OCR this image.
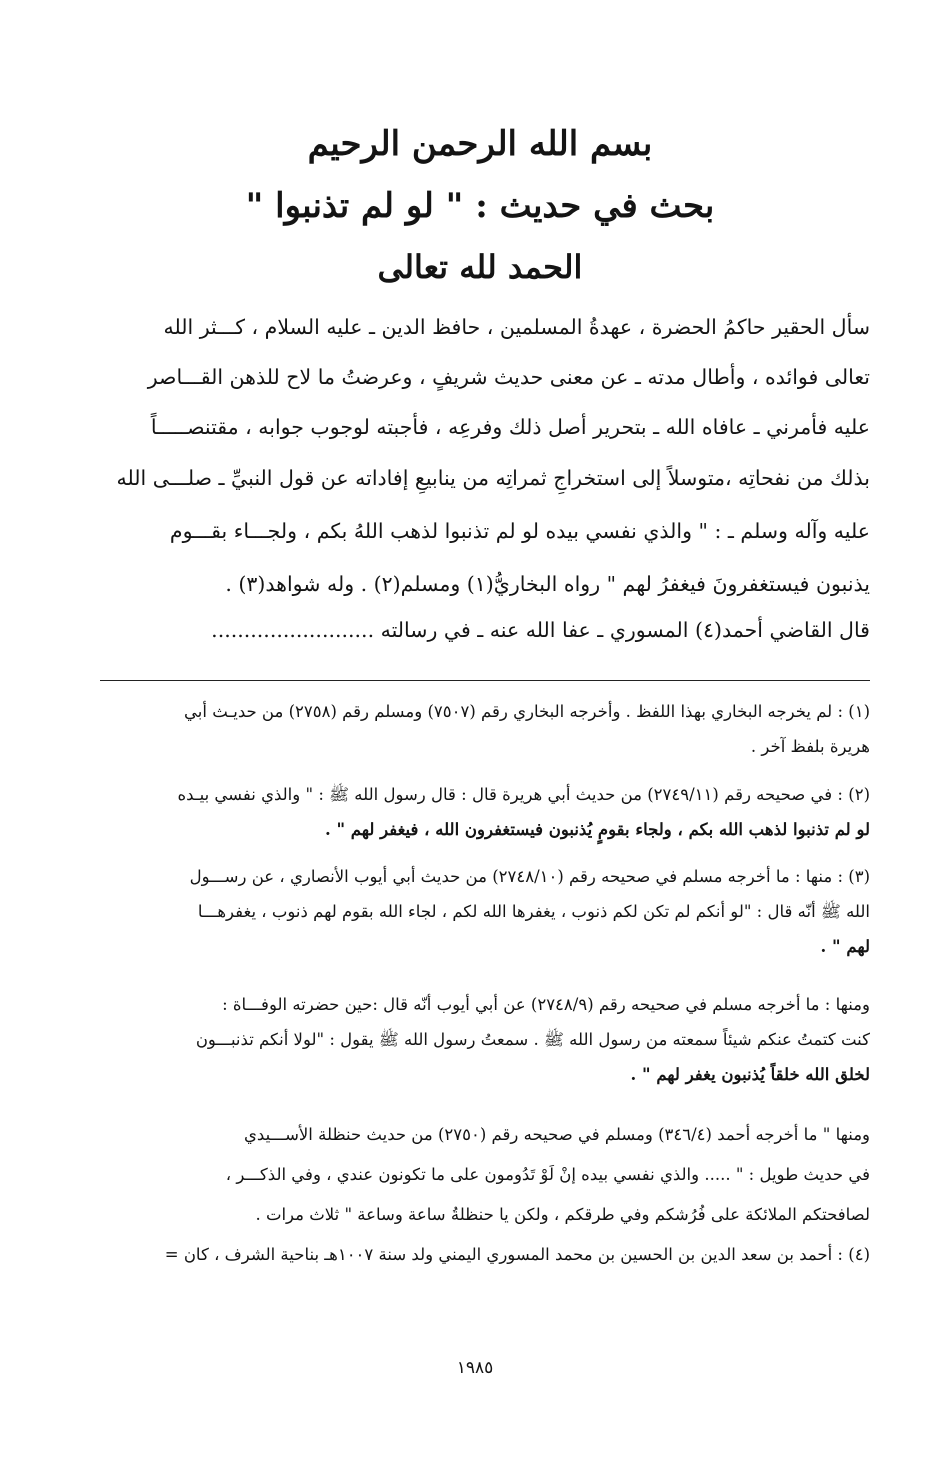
بسم الله الرحمن الرحيم
بحث في حديث : " لو لم تذنبوا "
الحمد لله تعالى
سأل الحقير حاكمُ الحضرة ، عهدةُ المسلمين ، حافظ الدين ـ عليه السلام ، كـــثر الله
تعالى فوائده ، وأطال مدته ـ عن معنى حديث شريفٍ ، وعرضتُ ما لاح للذهن القـــاصر
عليه فأمرني ـ عافاه الله ـ بتحرير أصل ذلك وفرعِه ، فأجبته لوجوب جوابه ، مقتنصـــــاً
بذلك من نفحاتِه ،متوسلاً إلى استخراجِ ثمراتِه من ينابيعِ إفاداته عن قول النبيِّ ـ صلـــى الله
عليه وآله وسلم ـ : " والذي نفسي بيده لو لم تذنبوا لذهب اللهُ بكم ، ولجـــاء بقـــوم
يذنبون فيستغفرونَ فيغفرُ لهم " رواه البخاريُّ(١) ومسلم(٢) . وله شواهد(٣) .
قال القاضي أحمد(٤) المسوري ـ عفا الله عنه ـ في رسالته .........................
(١) : لم يخرجه البخاري بهذا اللفظ . وأخرجه البخاري رقم (٧٥٠٧) ومسلم رقم (٢٧٥٨) من حديـث أبي
هريرة بلفظ آخر .
(٢) : في صحيحه رقم (٢٧٤٩/١١) من حديث أبي هريرة قال : قال رسول الله ﷺ : " والذي نفسي بيـده
لو لم تذنبوا لذهب الله بكم ، ولجاء بقومٍ يُذنبون فيستغفرون الله ، فيغفر لهم " .
(٣) : منها : ما أخرجه مسلم في صحيحه رقم (٢٧٤٨/١٠) من حديث أبي أيوب الأنصاري ، عن رســـول
الله ﷺ أنّه قال : "لو أنكم لم تكن لكم ذنوب ، يغفرها الله لكم ، لجاء الله بقوم لهم ذنوب ، يغفرهـــا
لهم " .
ومنها : ما أخرجه مسلم في صحيحه رقم (٢٧٤٨/٩) عن أبي أيوب أنّه قال :حين حضرته الوفـــاة :
كنت كتمتُ عنكم شيئاً سمعته من رسول الله ﷺ . سمعتُ رسول الله ﷺ يقول : "لولا أنكم تذنبـــون
لخلق الله خلقاً يُذنبون يغفر لهم " .
ومنها " ما أخرجه أحمد (٣٤٦/٤) ومسلم في صحيحه رقم (٢٧٥٠) من حديث حنظلة الأســـيدي
في حديث طويل : " ..... والذي نفسي بيده إنْ لَوْ تَدُومون على ما تكونون عندي ، وفي الذكـــر ،
لصافحتكم الملائكة على فُرُشكم وفي طرقكم ، ولكن يا حنظلةُ ساعة وساعة " ثلاث مرات .
(٤) : أحمد بن سعد الدين بن الحسين بن محمد المسوري اليمني ولد سنة ١٠٠٧هـ بناحية الشرف ، كان =
١٩٨٥
